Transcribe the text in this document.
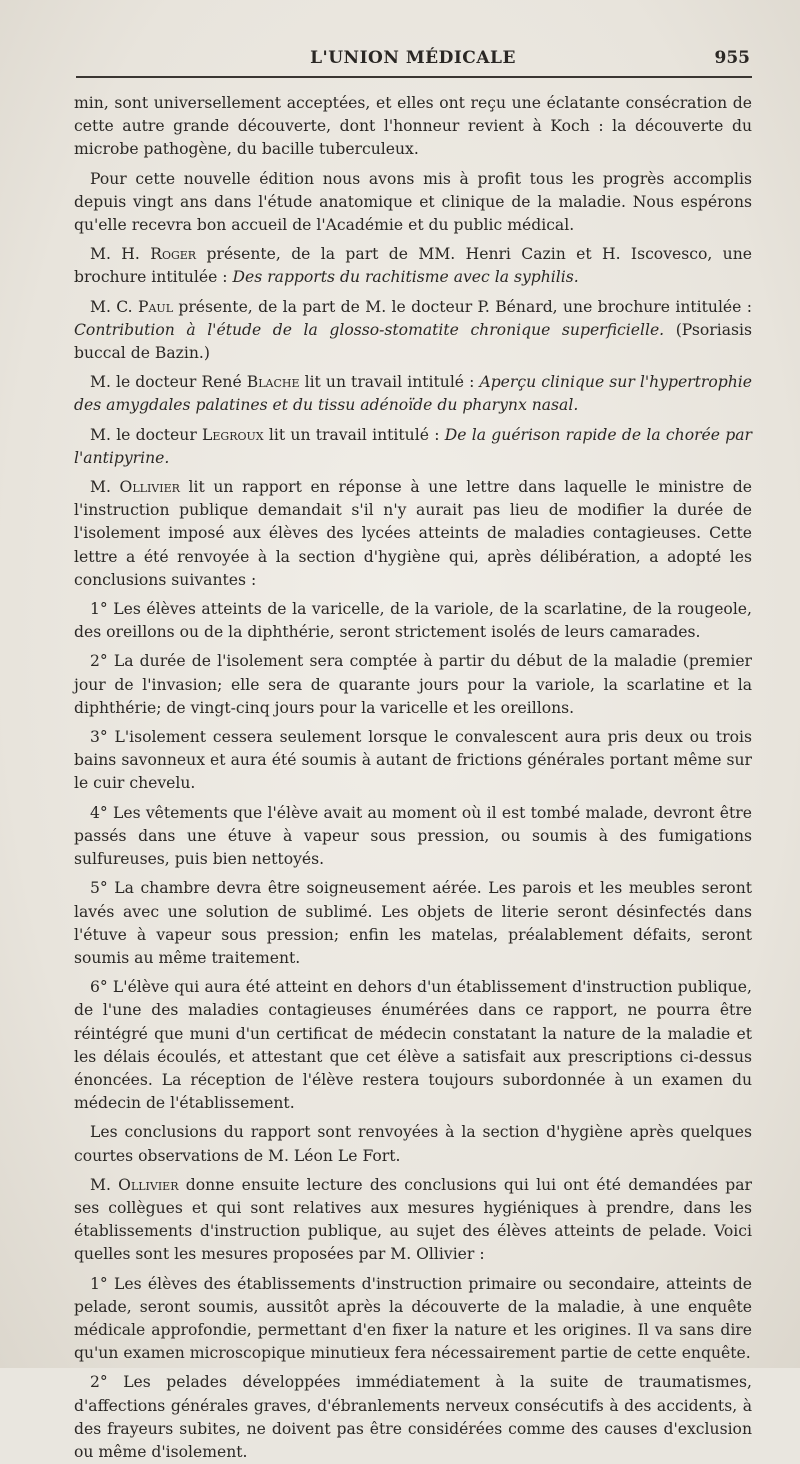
L'UNION MÉDICALE	955

min, sont universellement acceptées, et elles ont reçu une éclatante consécration de cette autre grande découverte, dont l'honneur revient à Koch : la découverte du microbe pathogène, du bacille tuberculeux.

Pour cette nouvelle édition nous avons mis à profit tous les progrès accomplis depuis vingt ans dans l'étude anatomique et clinique de la maladie. Nous espérons qu'elle recevra bon accueil de l'Académie et du public médical.

M. H. Roger présente, de la part de MM. Henri Cazin et H. Iscovesco, une brochure intitulée : Des rapports du rachitisme avec la syphilis.

M. C. Paul présente, de la part de M. le docteur P. Bénard, une brochure intitulée : Contribution à l'étude de la glosso-stomatite chronique superficielle. (Psoriasis buccal de Bazin.)

M. le docteur René Blache lit un travail intitulé : Aperçu clinique sur l'hypertrophie des amygdales palatines et du tissu adénoïde du pharynx nasal.

M. le docteur Legroux lit un travail intitulé : De la guérison rapide de la chorée par l'antipyrine.

M. Ollivier lit un rapport en réponse à une lettre dans laquelle le ministre de l'instruction publique demandait s'il n'y aurait pas lieu de modifier la durée de l'isolement imposé aux élèves des lycées atteints de maladies contagieuses. Cette lettre a été renvoyée à la section d'hygiène qui, après délibération, a adopté les conclusions suivantes :

1° Les élèves atteints de la varicelle, de la variole, de la scarlatine, de la rougeole, des oreillons ou de la diphthérie, seront strictement isolés de leurs camarades.

2° La durée de l'isolement sera comptée à partir du début de la maladie (premier jour de l'invasion; elle sera de quarante jours pour la variole, la scarlatine et la diphthérie; de vingt-cinq jours pour la varicelle et les oreillons.

3° L'isolement cessera seulement lorsque le convalescent aura pris deux ou trois bains savonneux et aura été soumis à autant de frictions générales portant même sur le cuir chevelu.

4° Les vêtements que l'élève avait au moment où il est tombé malade, devront être passés dans une étuve à vapeur sous pression, ou soumis à des fumigations sulfureuses, puis bien nettoyés.

5° La chambre devra être soigneusement aérée. Les parois et les meubles seront lavés avec une solution de sublimé. Les objets de literie seront désinfectés dans l'étuve à vapeur sous pression; enfin les matelas, préalablement défaits, seront soumis au même traitement.

6° L'élève qui aura été atteint en dehors d'un établissement d'instruction publique, de l'une des maladies contagieuses énumérées dans ce rapport, ne pourra être réintégré que muni d'un certificat de médecin constatant la nature de la maladie et les délais écoulés, et attestant que cet élève a satisfait aux prescriptions ci-dessus énoncées. La réception de l'élève restera toujours subordonnée à un examen du médecin de l'établissement.

Les conclusions du rapport sont renvoyées à la section d'hygiène après quelques courtes observations de M. Léon Le Fort.

M. Ollivier donne ensuite lecture des conclusions qui lui ont été demandées par ses collègues et qui sont relatives aux mesures hygiéniques à prendre, dans les établissements d'instruction publique, au sujet des élèves atteints de pelade. Voici quelles sont les mesures proposées par M. Ollivier :

1° Les élèves des établissements d'instruction primaire ou secondaire, atteints de pelade, seront soumis, aussitôt après la découverte de la maladie, à une enquête médicale approfondie, permettant d'en fixer la nature et les origines. Il va sans dire qu'un examen microscopique minutieux fera nécessairement partie de cette enquête.

2° Les pelades développées immédiatement à la suite de traumatismes, d'affections générales graves, d'ébranlements nerveux consécutifs à des accidents, à des frayeurs subites, ne doivent pas être considérées comme des causes d'exclusion ou même d'isolement.
